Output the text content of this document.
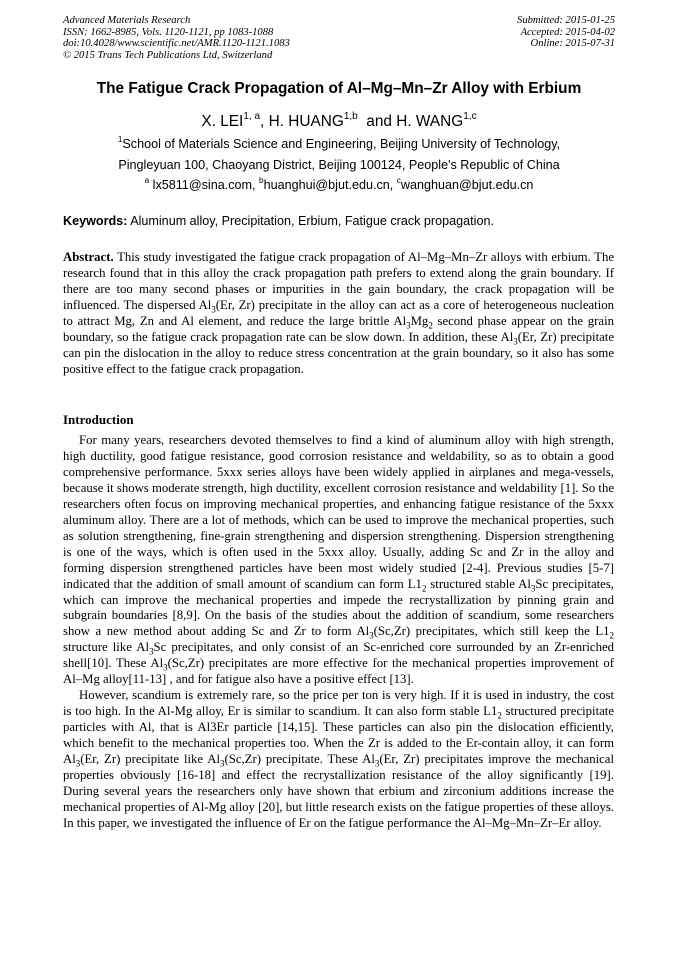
Advanced Materials Research
ISSN: 1662-8985, Vols. 1120-1121, pp 1083-1088
doi:10.4028/www.scientific.net/AMR.1120-1121.1083
© 2015 Trans Tech Publications Ltd, Switzerland
Submitted: 2015-01-25
Accepted: 2015-04-02
Online: 2015-07-31
The Fatigue Crack Propagation of Al–Mg–Mn–Zr Alloy with Erbium
X. LEI$^{1, a}$, H. HUANG$^{1,b}$  and H. WANG$^{1,c}$
$^1$School of Materials Science and Engineering, Beijing University of Technology,
Pingleyuan 100, Chaoyang District, Beijing 100124, People's Republic of China
$^a$ lx5811@sina.com, $^b$huanghui@bjut.edu.cn, $^c$wanghuan@bjut.edu.cn
Keywords: Aluminum alloy, Precipitation, Erbium, Fatigue crack propagation.

Abstract. This study investigated the fatigue crack propagation of Al–Mg–Mn–Zr alloys with erbium. The research found that in this alloy the crack propagation path prefers to extend along the grain boundary. If there are too many second phases or impurities in the gain boundary, the crack propagation will be influenced. The dispersed $Al_3(Er$, Zr) precipitate in the alloy can act as a core of heterogeneous nucleation to attract Mg, Zn and Al element, and reduce the large brittle $Al_3Mg_2$ second phase appear on the grain boundary, so the fatigue crack propagation rate can be slow down. In addition, these $Al_3(Er$, Zr) precipitate can pin the dislocation in the alloy to reduce stress concentration at the grain boundary, so it also has some positive effect to the fatigue crack propagation.

Introduction

For many years, researchers devoted themselves to find a kind of aluminum alloy with high strength, high ductility, good fatigue resistance, good corrosion resistance and weldability, so as to obtain a good comprehensive performance. 5xxx series alloys have been widely applied in airplanes and mega-vessels, because it shows moderate strength, high ductility, excellent corrosion resistance and weldability [1]. So the researchers often focus on improving mechanical properties, and enhancing fatigue resistance of the 5xxx aluminum alloy. There are a lot of methods, which can be used to improve the mechanical properties, such as solution strengthening, fine-grain strengthening and dispersion strengthening. Dispersion strengthening is one of the ways, which is often used in the 5xxx alloy. Usually, adding Sc and Zr in the alloy and forming dispersion strengthened particles have been most widely studied [2-4]. Previous studies [5-7] indicated that the addition of small amount of scandium can form $L1_2$ structured stable $Al_3Sc$ precipitates, which can improve the mechanical properties and impede the recrystallization by pinning grain and subgrain boundaries [8,9]. On the basis of the studies about the addition of scandium, some researchers show a new method about adding Sc and Zr to form $Al_3(Sc,Zr)$ precipitates, which still keep the $L1_2$ structure like $Al_3Sc$ precipitates, and only consist of an Sc-enriched core surrounded by an Zr-enriched shell[10]. These $Al_3(Sc,Zr)$ precipitates are more effective for the mechanical properties improvement of Al–Mg alloy[11-13] , and for fatigue also have a positive effect [13].

However, scandium is extremely rare, so the price per ton is very high. If it is used in industry, the cost is too high. In the Al-Mg alloy, Er is similar to scandium. It can also form stable $L1_2$ structured precipitate particles with Al, that is Al3Er particle [14,15]. These particles can also pin the dislocation efficiently, which benefit to the mechanical properties too. When the Zr is added to the Er-contain alloy, it can form $Al_3(Er$, Zr) precipitate like $Al_3(Sc,Zr)$ precipitate. These $Al_3(Er$, Zr) precipitates improve the mechanical properties obviously [16-18] and effect the recrystallization resistance of the alloy significantly [19]. During several years the researchers only have shown that erbium and zirconium additions increase the mechanical properties of Al-Mg alloy [20], but little research exists on the fatigue properties of these alloys. In this paper, we investigated the influence of Er on the fatigue performance the Al–Mg–Mn–Zr–Er alloy.
